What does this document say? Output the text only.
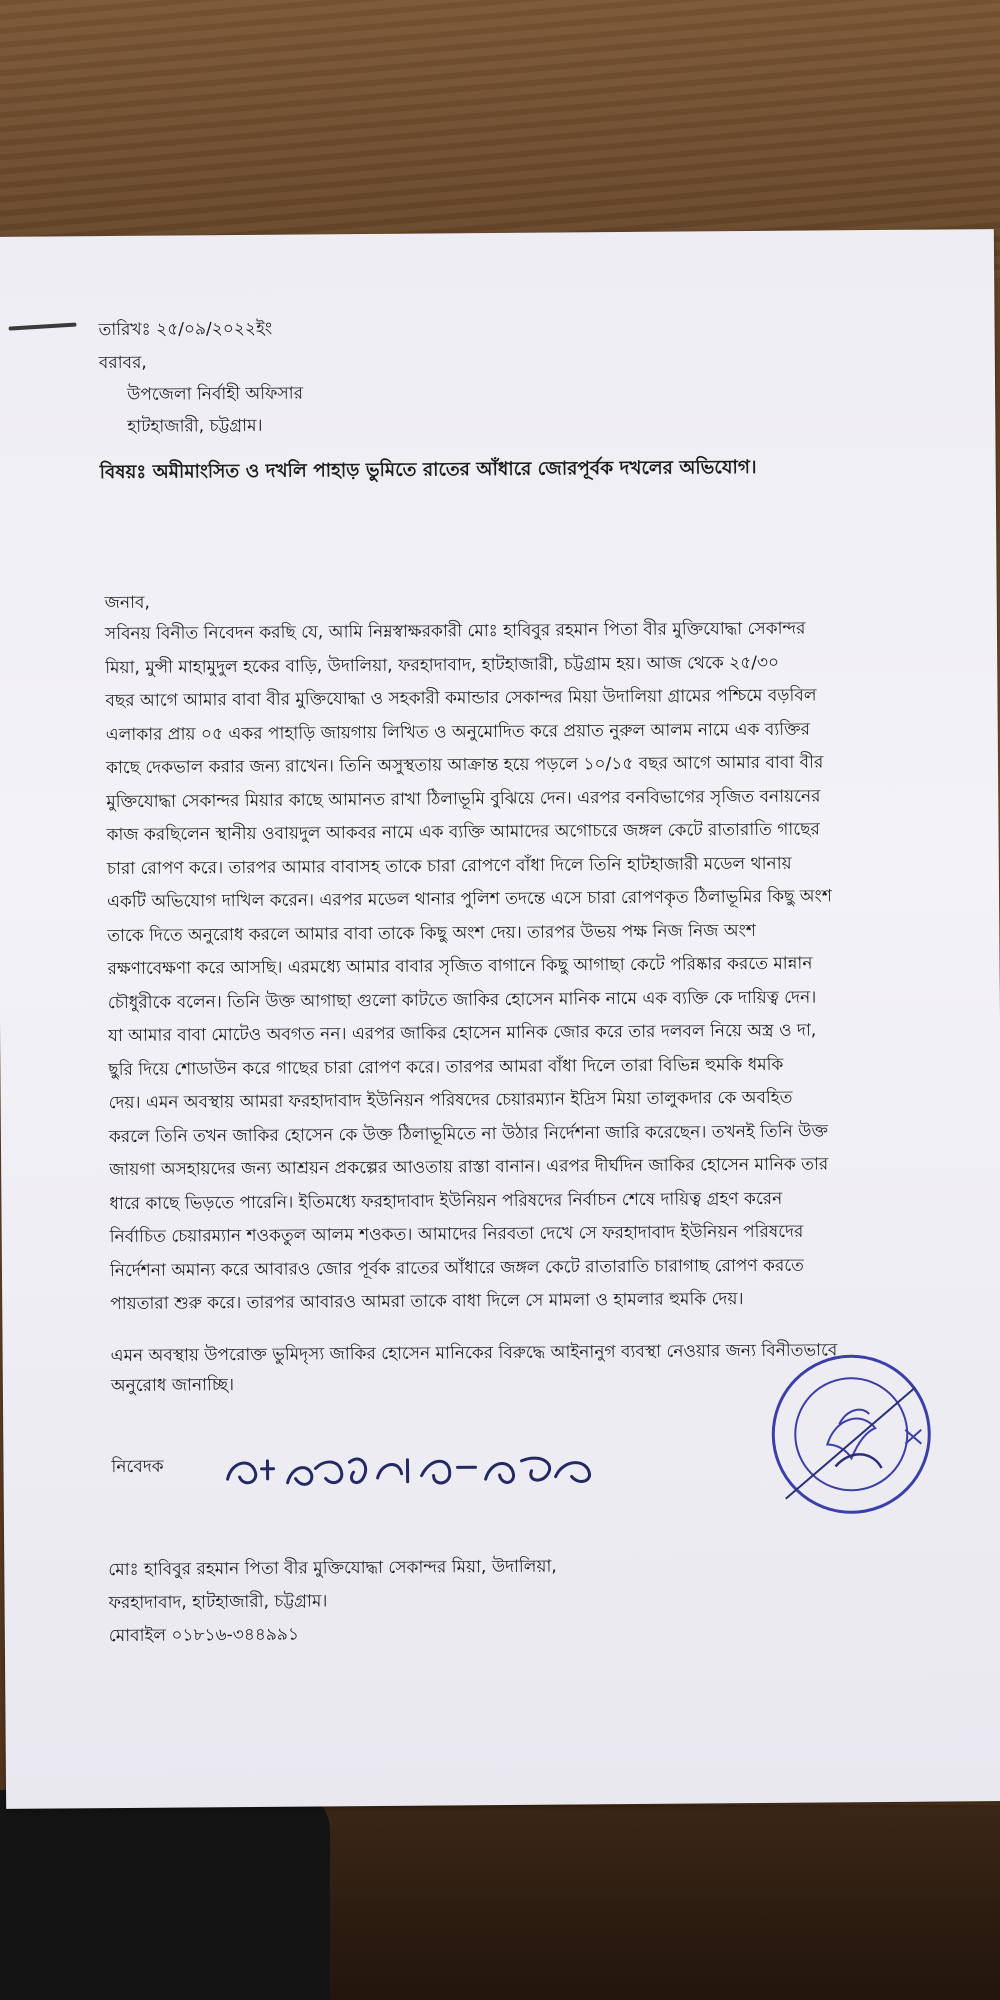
তারিখঃ ২৫/০৯/২০২২ইং
বরাবর,
উপজেলা নির্বাহী অফিসার
হাটহাজারী, চট্টগ্রাম।
বিষয়ঃ অমীমাংসিত ও দখলি পাহাড় ভুমিতে রাতের আঁধারে জোরপূর্বক দখলের অভিযোগ।
জনাব,
সবিনয় বিনীত নিবেদন করছি যে, আমি নিম্নস্বাক্ষরকারী মোঃ হাবিবুর রহমান পিতা বীর মুক্তিযোদ্ধা সেকান্দর
মিয়া, মুন্সী মাহামুদুল হকের বাড়ি, উদালিয়া, ফরহাদাবাদ, হাটহাজারী, চট্টগ্রাম হয়। আজ থেকে ২৫/৩০
বছর আগে আমার বাবা বীর মুক্তিযোদ্ধা ও সহকারী কমান্ডার সেকান্দর মিয়া উদালিয়া গ্রামের পশ্চিমে বড়বিল
এলাকার প্রায় ০৫ একর পাহাড়ি জায়গায় লিখিত ও অনুমোদিত করে প্রয়াত নুরুল আলম নামে এক ব্যক্তির
কাছে দেকভাল করার জন্য রাখেন। তিনি অসুস্থতায় আক্রান্ত হয়ে পড়লে ১০/১৫ বছর আগে আমার বাবা বীর
মুক্তিযোদ্ধা সেকান্দর মিয়ার কাছে আমানত রাখা ঠিলাভূমি বুঝিয়ে দেন। এরপর বনবিভাগের সৃজিত বনায়নের
কাজ করছিলেন স্থানীয় ওবায়দুল আকবর নামে এক ব্যক্তি আমাদের অগোচরে জঙ্গল কেটে রাতারাতি গাছের
চারা রোপণ করে। তারপর আমার বাবাসহ তাকে চারা রোপণে বাঁধা দিলে তিনি হাটহাজারী মডেল থানায়
একটি অভিযোগ দাখিল করেন। এরপর মডেল থানার পুলিশ তদন্তে এসে চারা রোপণকৃত ঠিলাভূমির কিছু অংশ
তাকে দিতে অনুরোধ করলে আমার বাবা তাকে কিছু অংশ দেয়। তারপর উভয় পক্ষ নিজ নিজ অংশ
রক্ষণাবেক্ষণা করে আসছি। এরমধ্যে আমার বাবার সৃজিত বাগানে কিছু আগাছা কেটে পরিষ্কার করতে মান্নান
চৌধুরীকে বলেন। তিনি উক্ত আগাছা গুলো কাটতে জাকির হোসেন মানিক নামে এক ব্যক্তি কে দায়িত্ব দেন।
যা আমার বাবা মোটেও অবগত নন। এরপর জাকির হোসেন মানিক জোর করে তার দলবল নিয়ে অস্ত্র ও দা,
ছুরি দিয়ে শোডাউন করে গাছের চারা রোপণ করে। তারপর আমরা বাঁধা দিলে তারা বিভিন্ন হুমকি ধমকি
দেয়। এমন অবস্থায় আমরা ফরহাদাবাদ ইউনিয়ন পরিষদের চেয়ারম্যান ইদ্রিস মিয়া তালুকদার কে অবহিত
করলে তিনি তখন জাকির হোসেন কে উক্ত ঠিলাভূমিতে না উঠার নির্দেশনা জারি করেছেন। তখনই তিনি উক্ত
জায়গা অসহায়দের জন্য আশ্রয়ন প্রকল্পের আওতায় রাস্তা বানান। এরপর দীর্ঘদিন জাকির হোসেন মানিক তার
ধারে কাছে ভিড়তে পারেনি। ইতিমধ্যে ফরহাদাবাদ ইউনিয়ন পরিষদের নির্বাচন শেষে দায়িত্ব গ্রহণ করেন
নির্বাচিত চেয়ারম্যান শওকতুল আলম শওকত। আমাদের নিরবতা দেখে সে ফরহাদাবাদ ইউনিয়ন পরিষদের
নির্দেশনা অমান্য করে আবারও জোর পূর্বক রাতের আঁধারে জঙ্গল কেটে রাতারাতি চারাগাছ রোপণ করতে
পায়তারা শুরু করে। তারপর আবারও আমরা তাকে বাধা দিলে সে মামলা ও হামলার হুমকি দেয়।
এমন অবস্থায় উপরোক্ত ভুমিদৃস্য জাকির হোসেন মানিকের বিরুদ্ধে আইনানুগ ব্যবস্থা নেওয়ার জন্য বিনীতভাবে
অনুরোধ জানাচ্ছি।
নিবেদক
মোঃ হাবিবুর রহমান পিতা বীর মুক্তিযোদ্ধা সেকান্দর মিয়া, উদালিয়া,
ফরহাদাবাদ, হাটহাজারী, চট্টগ্রাম।
মোবাইল ০১৮১৬-৩৪৪৯৯১
